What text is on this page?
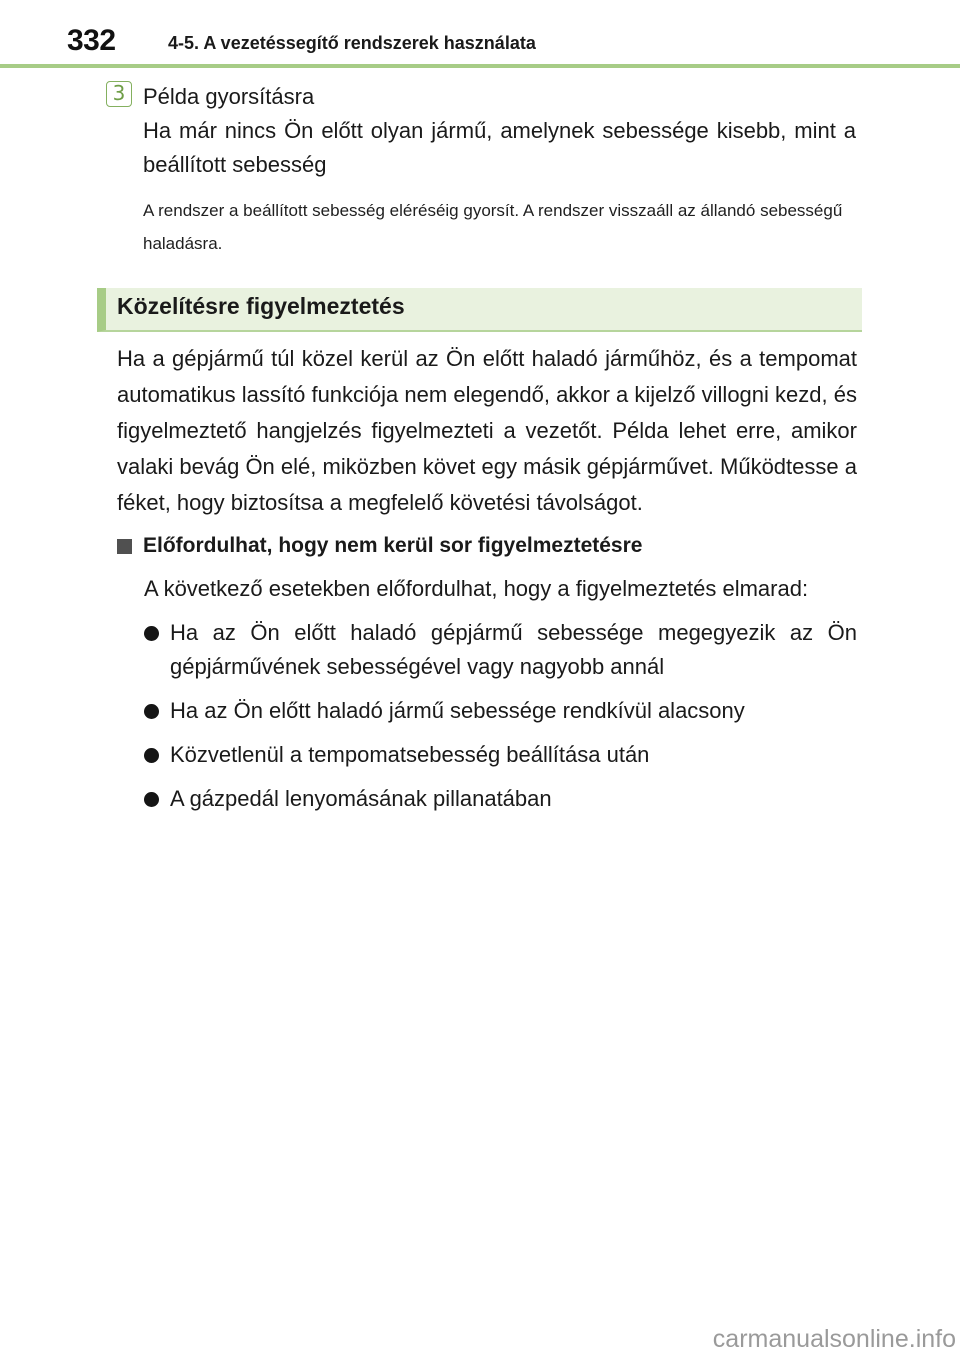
332	4-5. A vezetéssegítő rendszerek használata
3 Példa gyorsításra
Ha már nincs Ön előtt olyan jármű, amelynek sebessége kisebb, mint a beállított sebesség
A rendszer a beállított sebesség eléréséig gyorsít. A rendszer visszaáll az állandó sebességű haladásra.
Közelítésre figyelmeztetés
Ha a gépjármű túl közel kerül az Ön előtt haladó járműhöz, és a tempomat automatikus lassító funkciója nem elegendő, akkor a kijelző villogni kezd, és figyelmeztető hangjelzés figyelmezteti a vezetőt. Példa lehet erre, amikor valaki bevág Ön elé, miközben követ egy másik gépjárművet. Működtesse a féket, hogy biztosítsa a megfelelő követési távolságot.
Előfordulhat, hogy nem kerül sor figyelmeztetésre
A következő esetekben előfordulhat, hogy a figyelmeztetés elmarad:
Ha az Ön előtt haladó gépjármű sebessége megegyezik az Ön gépjárművének sebességével vagy nagyobb annál
Ha az Ön előtt haladó jármű sebessége rendkívül alacsony
Közvetlenül a tempomatsebesség beállítása után
A gázpedál lenyomásának pillanatában
carmanualsonline.info
